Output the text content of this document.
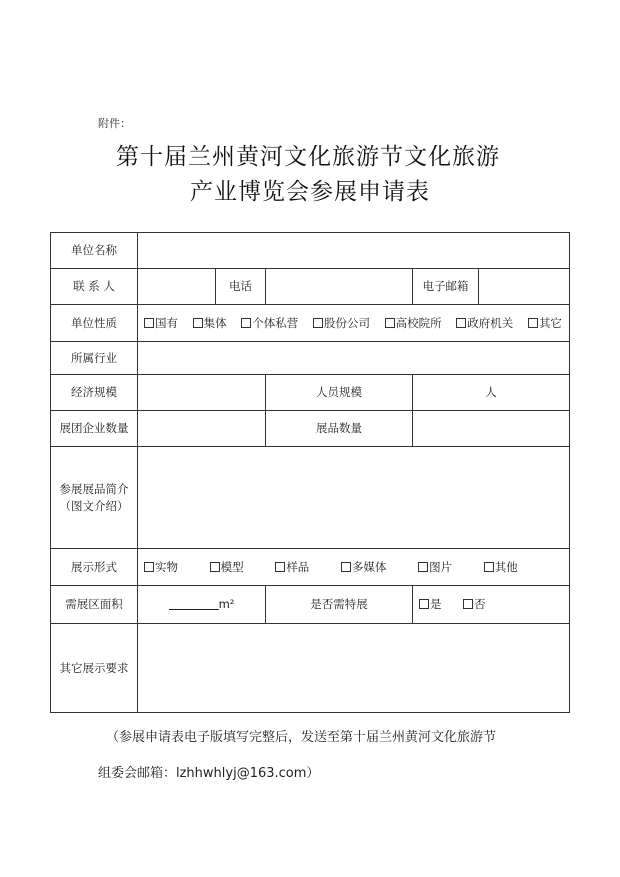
附件：
第十届兰州黄河文化旅游节文化旅游
产业博览会参展申请表
单位名称					
联 系 人		电话		电子邮箱	
单位性质	国有 集体 个体私营 股份公司 高校院所 政府机关 其它				
所属行业					
经济规模			人员规模	人	
展团企业数量			展品数量		

参展展品简介
（图文介绍）					

展示形式	实物 模型 样品 多媒体 图片 其他				
需展区面积	m²		是否需特展	是 否	
其它展示要求					
（参展申请表电子版填写完整后，发送至第十届兰州黄河文化旅游节
组委会邮箱：lzhhwhlyj@163.com）
